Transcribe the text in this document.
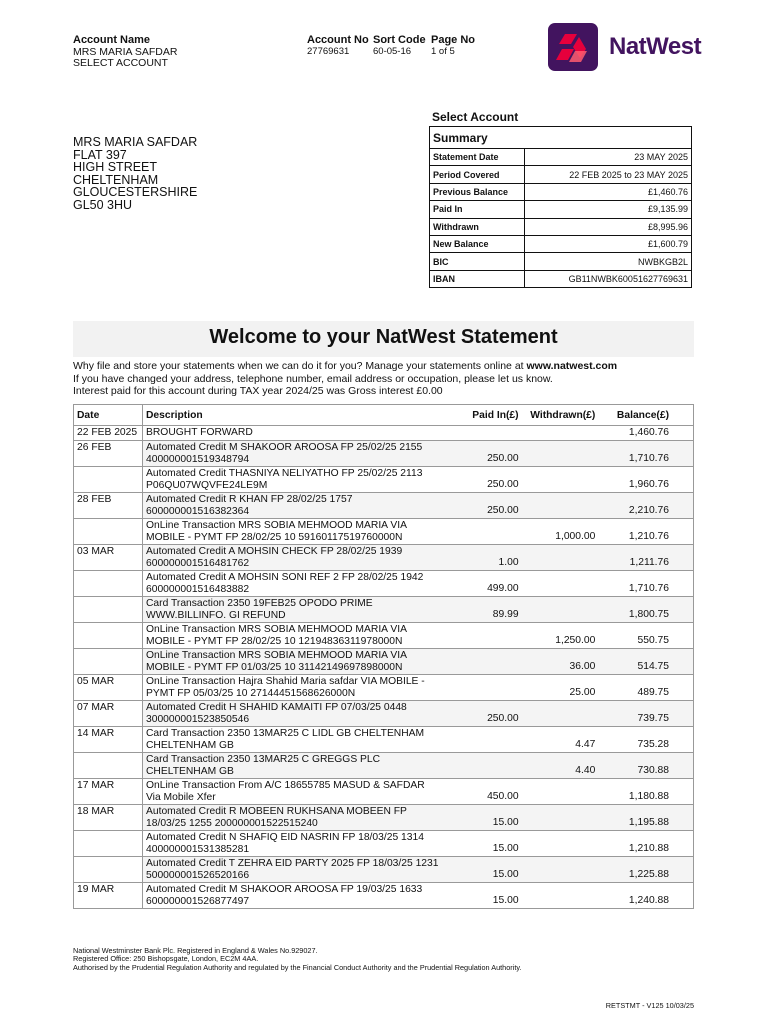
Account Name
MRS MARIA SAFDAR
SELECT ACCOUNT
Account No
27769631
Sort Code
60-05-16
Page No
1 of 5	NatWest
MRS MARIA SAFDAR
FLAT 397
HIGH STREET
CHELTENHAM
GLOUCESTERSHIRE
GL50 3HU
Select Account
Summary	
Statement Date	23 MAY 2025
Period Covered	22 FEB 2025 to 23 MAY 2025
Previous Balance	£1,460.76
Paid In	£9,135.99
Withdrawn	£8,995.96
New Balance	£1,600.79
BIC	NWBKGB2L
IBAN	GB11NWBK60051627769631
Welcome to your NatWest Statement
Why file and store your statements when we can do it for you? Manage your statements online at www.natwest.com
If you have changed your address, telephone number, email address or occupation, please let us know.
Interest paid for this account during TAX year 2024/25 was Gross interest £0.00
Date	Description	Paid In(£)	Withdrawn(£)	Balance(£)
22 FEB 2025	BROUGHT FORWARD			1,460.76
26 FEB	Automated Credit M SHAKOOR AROOSA FP 25/02/25 2155
400000001519348794	250.00		1,710.76

	Automated Credit THASNIYA NELIYATHO FP 25/02/25 2113
P06QU07WQVFE24LE9M	250.00		1,960.76
28 FEB	Automated Credit R KHAN FP 28/02/25 1757
600000001516382364	250.00		2,210.76

	OnLine Transaction MRS SOBIA MEHMOOD MARIA VIA
MOBILE - PYMT FP 28/02/25 10 59160117519760000N		1,000.00	1,210.76
03 MAR	Automated Credit A MOHSIN CHECK FP 28/02/25 1939
600000001516481762	1.00		1,211.76

	Automated Credit A MOHSIN SONI REF 2 FP 28/02/25 1942
600000001516483882	499.00		1,710.76

	Card Transaction 2350 19FEB25 OPODO PRIME
WWW.BILLINFO. GI REFUND	89.99		1,800.75

	OnLine Transaction MRS SOBIA MEHMOOD MARIA VIA
MOBILE - PYMT FP 28/02/25 10 12194836311978000N		1,250.00	550.75

	OnLine Transaction MRS SOBIA MEHMOOD MARIA VIA
MOBILE - PYMT FP 01/03/25 10 31142149697898000N		36.00	514.75
05 MAR	OnLine Transaction Hajra Shahid Maria safdar VIA MOBILE -
PYMT FP 05/03/25 10 27144451568626000N		25.00	489.75
07 MAR	Automated Credit H SHAHID KAMAITI FP 07/03/25 0448
300000001523850546	250.00		739.75
14 MAR	Card Transaction 2350 13MAR25 C LIDL GB CHELTENHAM
CHELTENHAM GB		4.47	735.28

	Card Transaction 2350 13MAR25 C GREGGS PLC
CHELTENHAM GB		4.40	730.88
17 MAR	OnLine Transaction From A/C 18655785 MASUD & SAFDAR
Via Mobile Xfer	450.00		1,180.88
18 MAR	Automated Credit R MOBEEN RUKHSANA MOBEEN FP
18/03/25 1255 200000001522515240	15.00		1,195.88

	Automated Credit N SHAFIQ EID NASRIN FP 18/03/25 1314
400000001531385281	15.00		1,210.88

	Automated Credit T ZEHRA EID PARTY 2025 FP 18/03/25 1231
500000001526520166	15.00		1,225.88
19 MAR	Automated Credit M SHAKOOR AROOSA FP 19/03/25 1633
600000001526877497	15.00		1,240.88
National Westminster Bank Plc. Registered in England & Wales No.929027.
Registered Office: 250 Bishopsgate, London, EC2M 4AA.
Authorised by the Prudential Regulation Authority and regulated by the Financial Conduct Authority and the Prudential Regulation Authority.
RETSTMT - V125 10/03/25
